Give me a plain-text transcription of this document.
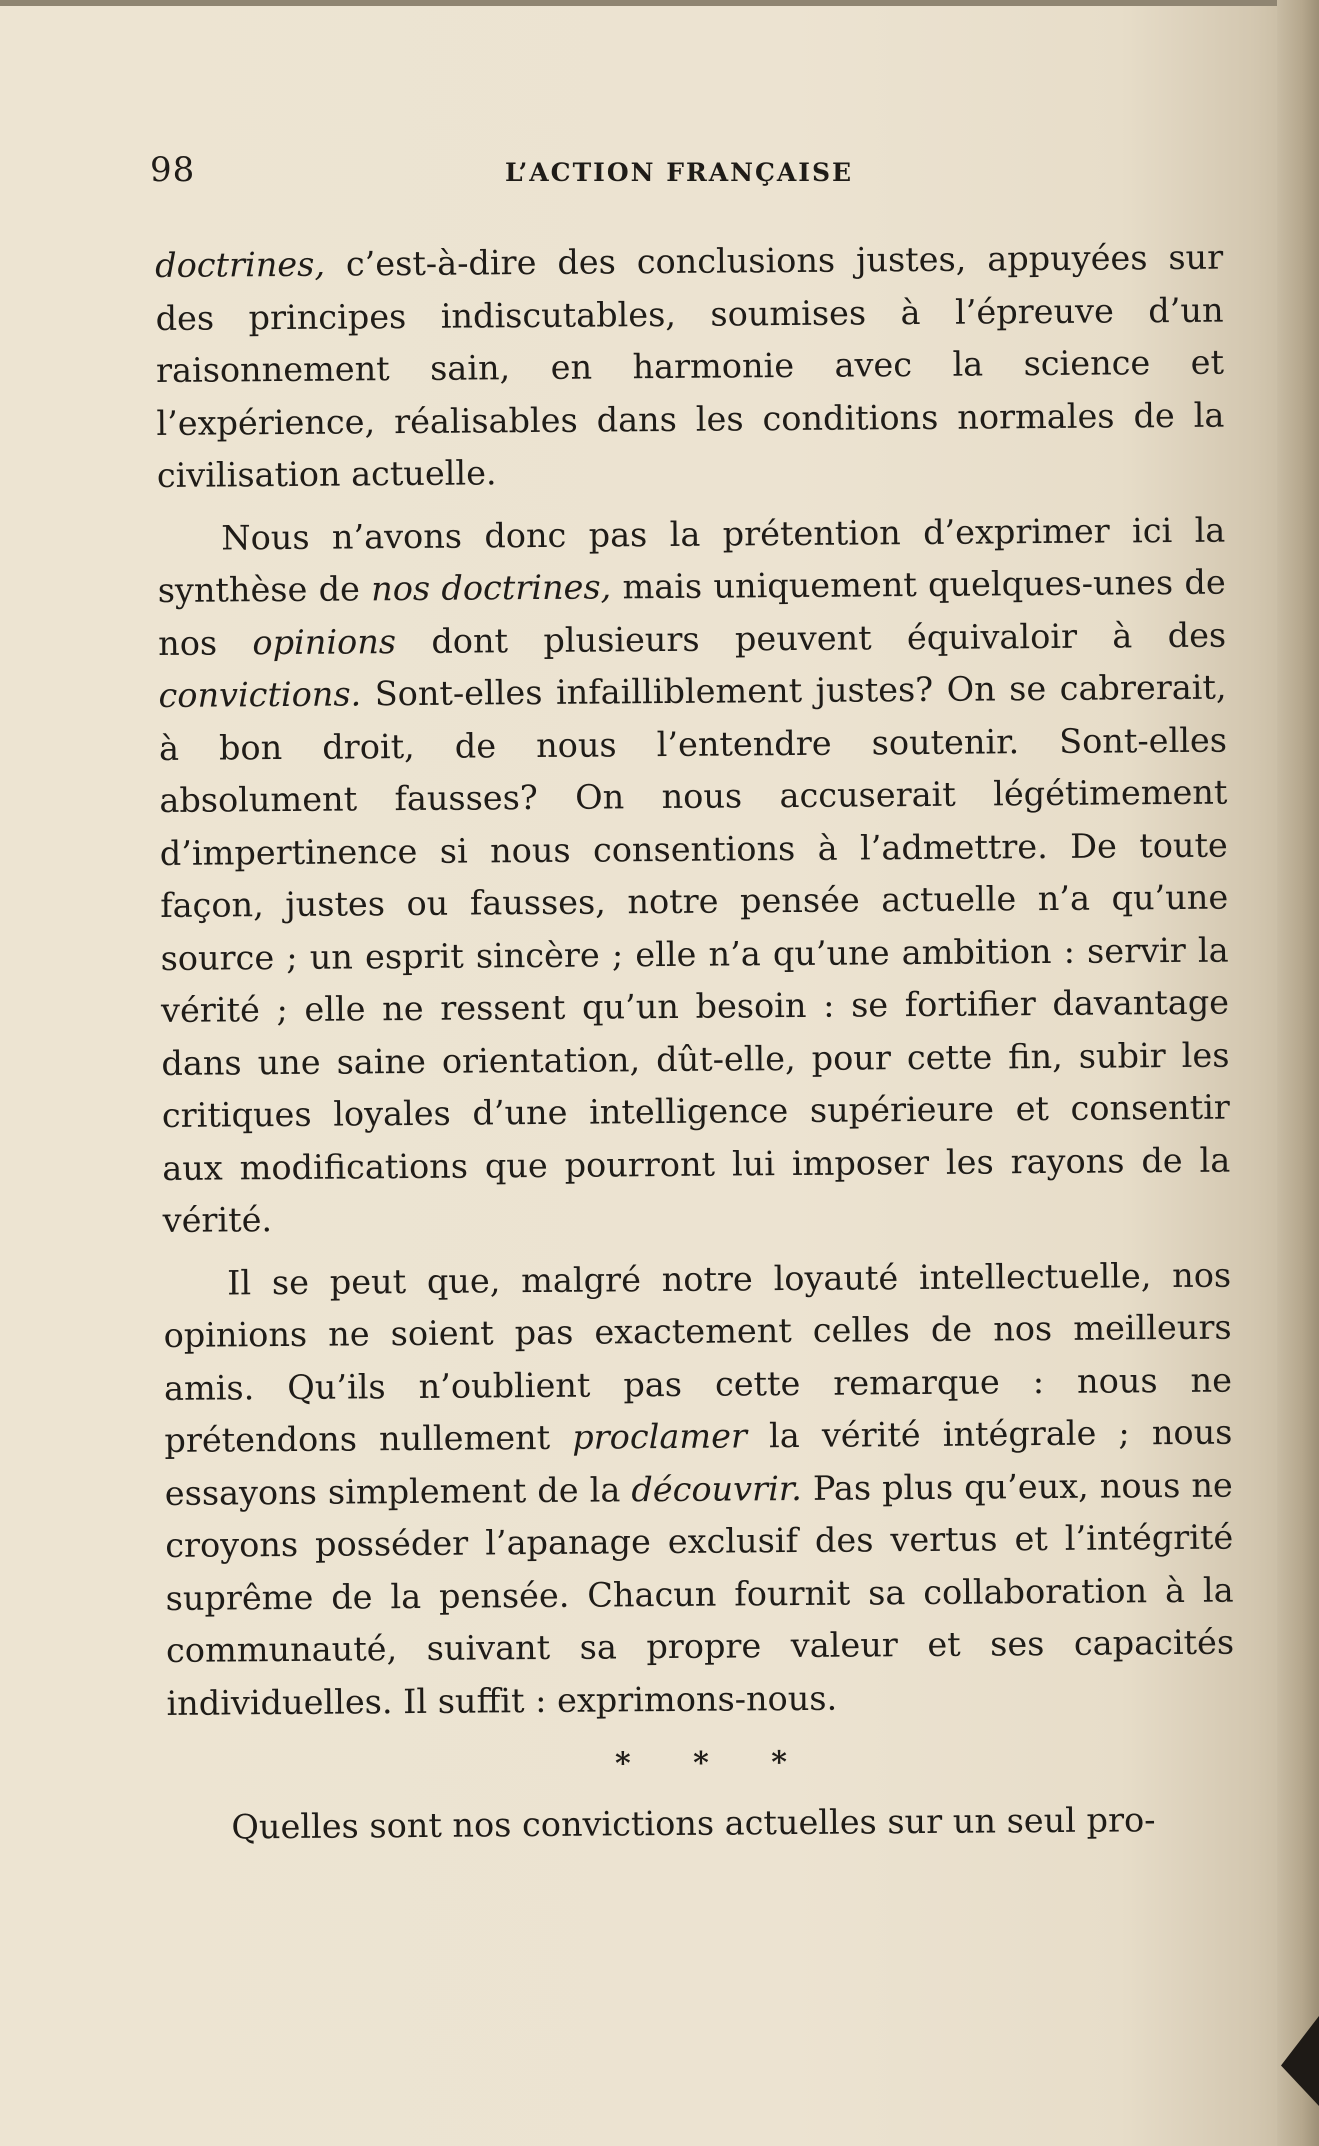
98	L’ACTION FRANÇAISE

doctrines, c’est-à-dire des conclusions justes, appuyées sur des principes indiscutables, soumises à l’épreuve d’un raisonnement sain, en harmonie avec la science et l’expérience, réalisables dans les conditions normales de la civilisation actuelle.

Nous n’avons donc pas la prétention d’exprimer ici la synthèse de nos doctrines, mais uniquement quelques-unes de nos opinions dont plusieurs peuvent équivaloir à des convictions. Sont-elles infailliblement justes? On se cabrerait, à bon droit, de nous l’entendre soutenir. Sont-elles absolument fausses? On nous accuserait légétimement d’impertinence si nous consentions à l’admettre. De toute façon, justes ou fausses, notre pensée actuelle n’a qu’une source ; un esprit sincère ; elle n’a qu’une ambition : servir la vérité ; elle ne ressent qu’un besoin : se fortifier davantage dans une saine orientation, dût-elle, pour cette fin, subir les critiques loyales d’une intelligence supérieure et consentir aux modifications que pourront lui imposer les rayons de la vérité.

Il se peut que, malgré notre loyauté intellectuelle, nos opinions ne soient pas exactement celles de nos meilleurs amis. Qu’ils n’oublient pas cette remarque : nous ne prétendons nullement proclamer la vérité intégrale ; nous essayons simplement de la découvrir. Pas plus qu’eux, nous ne croyons posséder l’apanage exclusif des vertus et l’intégrité suprême de la pensée. Chacun fournit sa collaboration à la communauté, suivant sa propre valeur et ses capacités individuelles. Il suffit : exprimons-nous.

* * *

Quelles sont nos convictions actuelles sur un seul pro-
